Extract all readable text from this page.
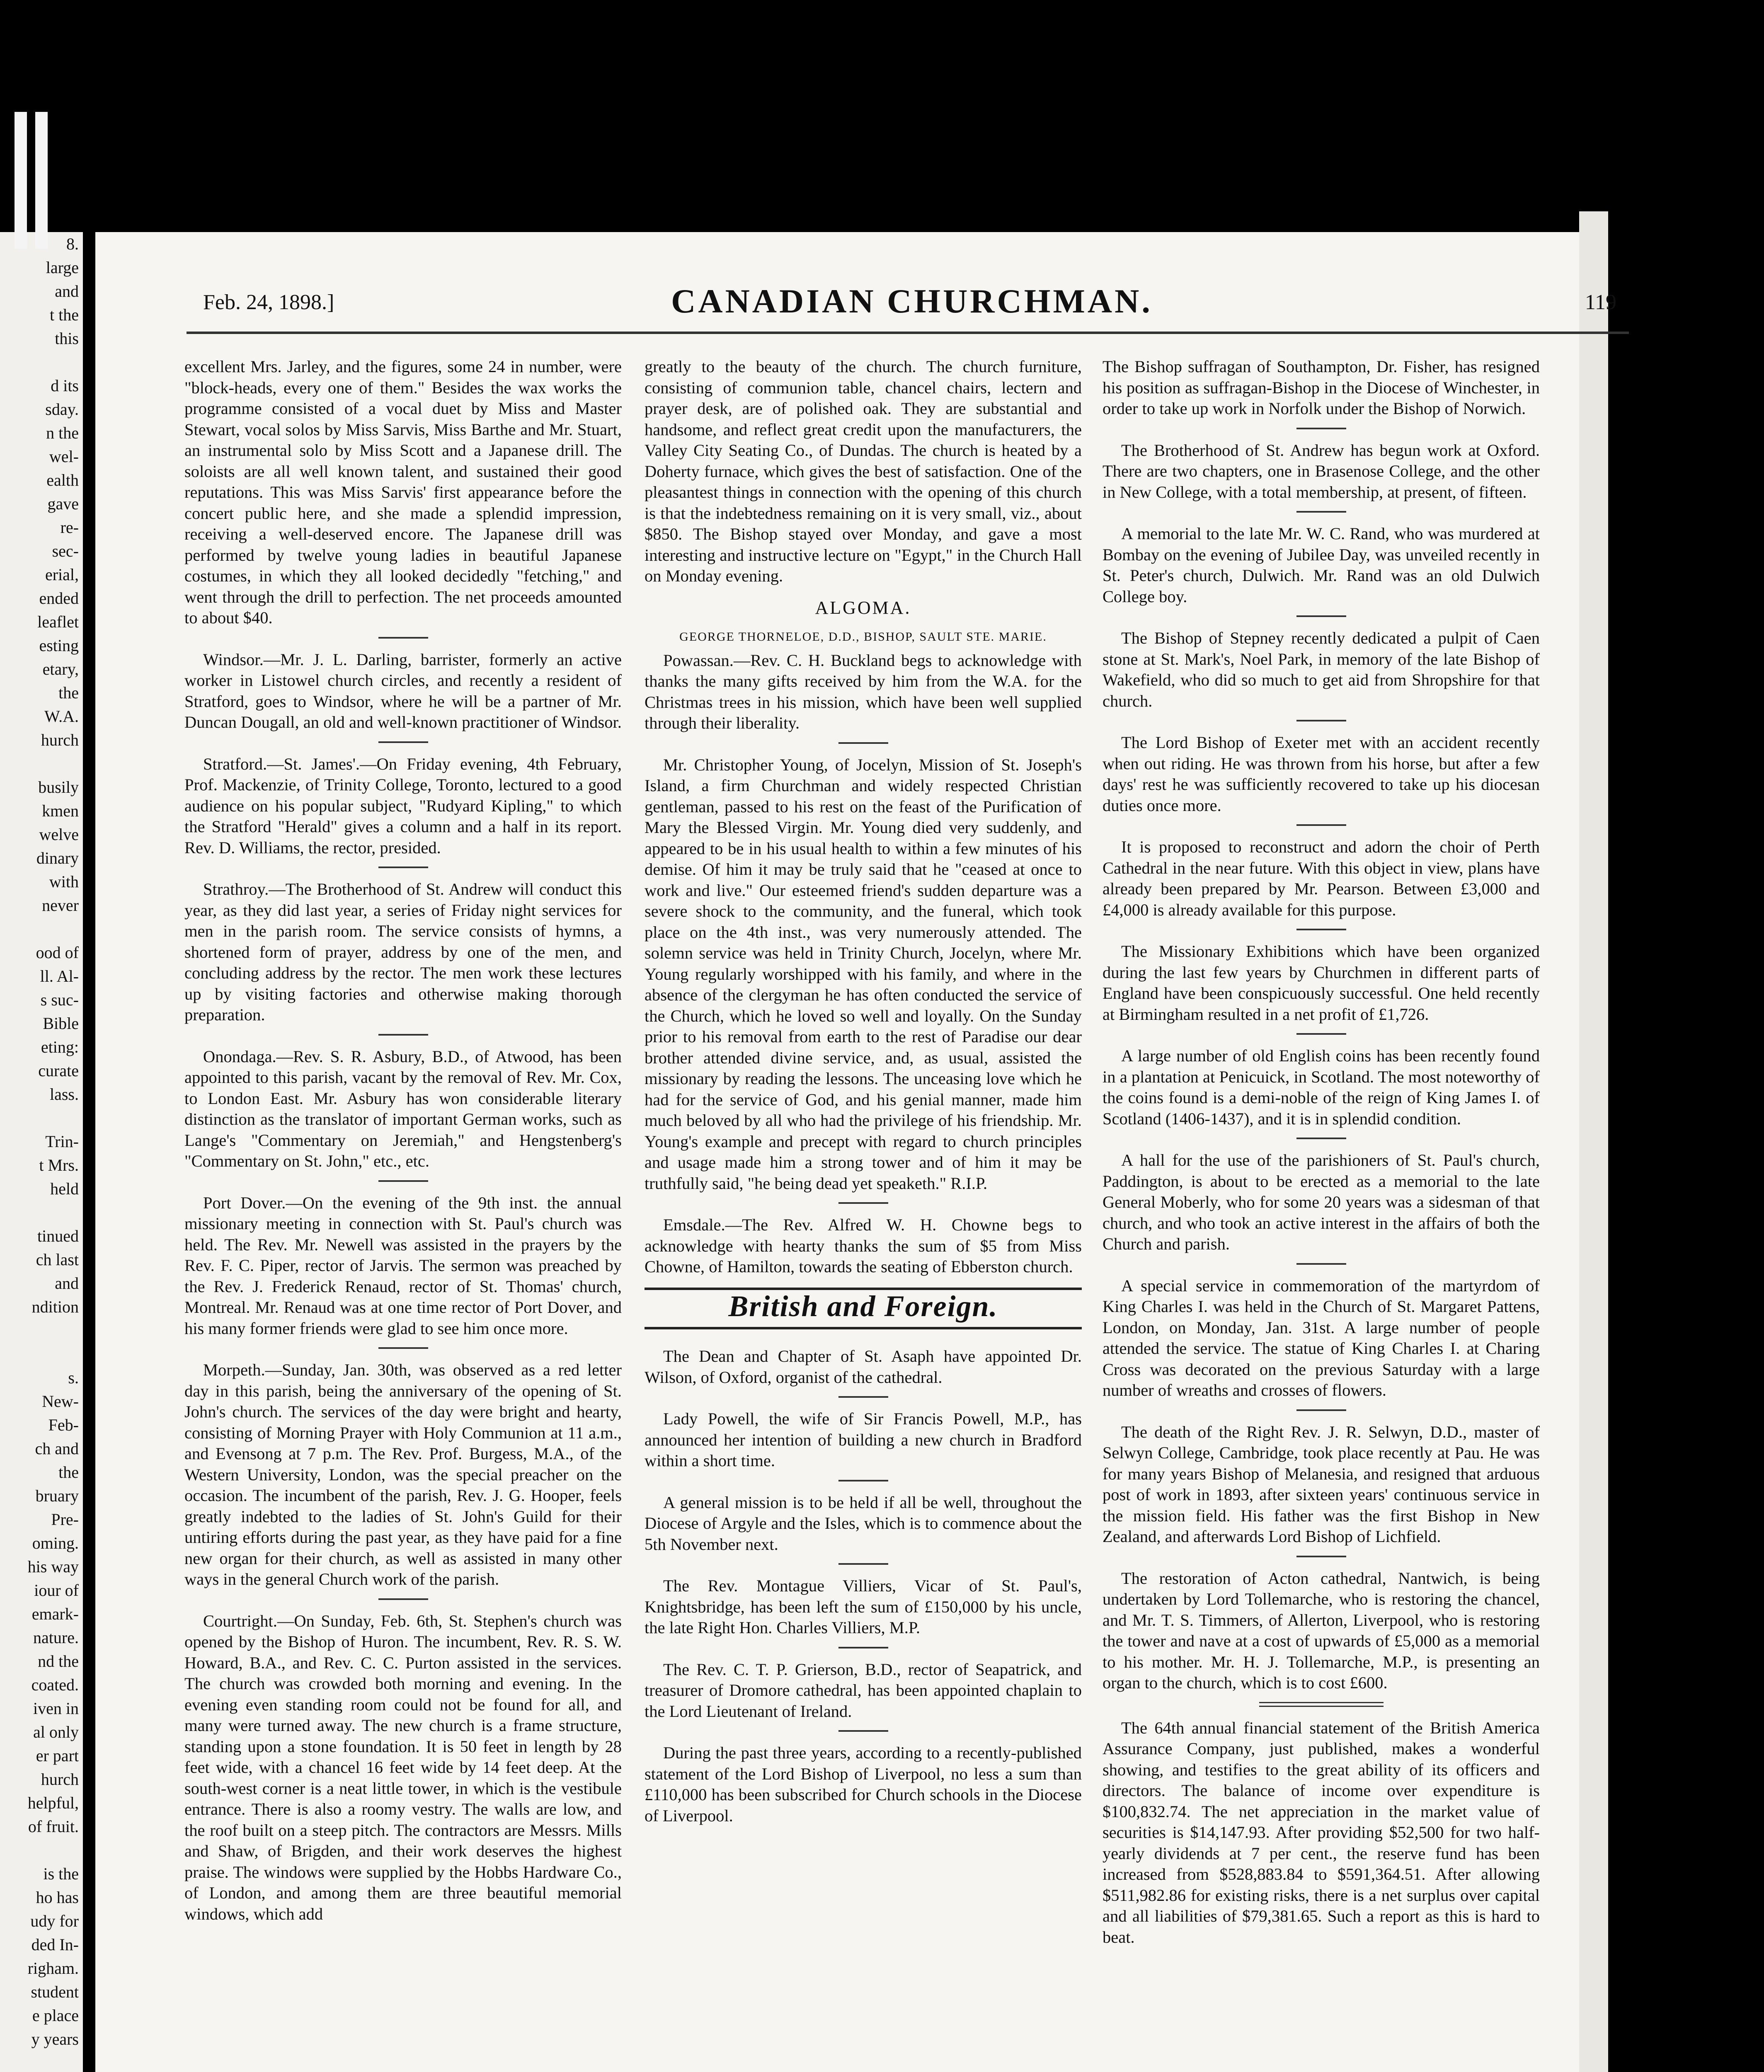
8.
large
and
t the
this

d its
sday.
n the
wel-
ealth
gave
re-
sec-
erial,
ended
leaflet
esting
etary,
the
W.A.
hurch

busily
kmen
welve
dinary
with
never

ood of
ll. Al-
s suc-
Bible
eting:
curate
lass.

Trin-
t Mrs.
held

tinued
ch last
and
ndition

s.
New-
Feb-
ch and
the
bruary
Pre-
oming.
his way
iour of
emark-
nature.
nd the
coated.
iven in
al only
er part
hurch
helpful,
of fruit.

is the
ho has
udy for
ded In-
righam.
student
e place
y years

Feb. 24, 1898.]	CANADIAN CHURCHMAN.	119

excellent Mrs. Jarley, and the figures, some 24 in number, were "block-heads, every one of them." Besides the wax works the programme consisted of a vocal duet by Miss and Master Stewart, vocal solos by Miss Sarvis, Miss Barthe and Mr. Stuart, an instrumental solo by Miss Scott and a Japanese drill. The soloists are all well known talent, and sustained their good reputations. This was Miss Sarvis' first appearance before the concert public here, and she made a splendid impression, receiving a well-deserved encore. The Japanese drill was performed by twelve young ladies in beautiful Japanese costumes, in which they all looked decidedly "fetching," and went through the drill to perfection. The net proceeds amounted to about $40.

Windsor.—Mr. J. L. Darling, barrister, formerly an active worker in Listowel church circles, and recently a resident of Stratford, goes to Windsor, where he will be a partner of Mr. Duncan Dougall, an old and well-known practitioner of Windsor.

Stratford.—St. James'.—On Friday evening, 4th February, Prof. Mackenzie, of Trinity College, Toronto, lectured to a good audience on his popular subject, "Rudyard Kipling," to which the Stratford "Herald" gives a column and a half in its report. Rev. D. Williams, the rector, presided.

Strathroy.—The Brotherhood of St. Andrew will conduct this year, as they did last year, a series of Friday night services for men in the parish room. The service consists of hymns, a shortened form of prayer, address by one of the men, and concluding address by the rector. The men work these lectures up by visiting factories and otherwise making thorough preparation.

Onondaga.—Rev. S. R. Asbury, B.D., of Atwood, has been appointed to this parish, vacant by the removal of Rev. Mr. Cox, to London East. Mr. Asbury has won considerable literary distinction as the translator of important German works, such as Lange's "Commentary on Jeremiah," and Hengstenberg's "Commentary on St. John," etc., etc.

Port Dover.—On the evening of the 9th inst. the annual missionary meeting in connection with St. Paul's church was held. The Rev. Mr. Newell was assisted in the prayers by the Rev. F. C. Piper, rector of Jarvis. The sermon was preached by the Rev. J. Frederick Renaud, rector of St. Thomas' church, Montreal. Mr. Renaud was at one time rector of Port Dover, and his many former friends were glad to see him once more.

Morpeth.—Sunday, Jan. 30th, was observed as a red letter day in this parish, being the anniversary of the opening of St. John's church. The services of the day were bright and hearty, consisting of Morning Prayer with Holy Communion at 11 a.m., and Evensong at 7 p.m. The Rev. Prof. Burgess, M.A., of the Western University, London, was the special preacher on the occasion. The incumbent of the parish, Rev. J. G. Hooper, feels greatly indebted to the ladies of St. John's Guild for their untiring efforts during the past year, as they have paid for a fine new organ for their church, as well as assisted in many other ways in the general Church work of the parish.

Courtright.—On Sunday, Feb. 6th, St. Stephen's church was opened by the Bishop of Huron. The incumbent, Rev. R. S. W. Howard, B.A., and Rev. C. C. Purton assisted in the services. The church was crowded both morning and evening. In the evening even standing room could not be found for all, and many were turned away. The new church is a frame structure, standing upon a stone foundation. It is 50 feet in length by 28 feet wide, with a chancel 16 feet wide by 14 feet deep. At the south-west corner is a neat little tower, in which is the vestibule entrance. There is also a roomy vestry. The walls are low, and the roof built on a steep pitch. The contractors are Messrs. Mills and Shaw, of Brigden, and their work deserves the highest praise. The windows were supplied by the Hobbs Hardware Co., of London, and among them are three beautiful memorial windows, which add

greatly to the beauty of the church. The church furniture, consisting of communion table, chancel chairs, lectern and prayer desk, are of polished oak. They are substantial and handsome, and reflect great credit upon the manufacturers, the Valley City Seating Co., of Dundas. The church is heated by a Doherty furnace, which gives the best of satisfaction. One of the pleasantest things in connection with the opening of this church is that the indebtedness remaining on it is very small, viz., about $850. The Bishop stayed over Monday, and gave a most interesting and instructive lecture on "Egypt," in the Church Hall on Monday evening.

ALGOMA.
GEORGE THORNELOE, D.D., BISHOP, SAULT STE. MARIE.

Powassan.—Rev. C. H. Buckland begs to acknowledge with thanks the many gifts received by him from the W.A. for the Christmas trees in his mission, which have been well supplied through their liberality.

Mr. Christopher Young, of Jocelyn, Mission of St. Joseph's Island, a firm Churchman and widely respected Christian gentleman, passed to his rest on the feast of the Purification of Mary the Blessed Virgin. Mr. Young died very suddenly, and appeared to be in his usual health to within a few minutes of his demise. Of him it may be truly said that he "ceased at once to work and live." Our esteemed friend's sudden departure was a severe shock to the community, and the funeral, which took place on the 4th inst., was very numerously attended. The solemn service was held in Trinity Church, Jocelyn, where Mr. Young regularly worshipped with his family, and where in the absence of the clergyman he has often conducted the service of the Church, which he loved so well and loyally. On the Sunday prior to his removal from earth to the rest of Paradise our dear brother attended divine service, and, as usual, assisted the missionary by reading the lessons. The unceasing love which he had for the service of God, and his genial manner, made him much beloved by all who had the privilege of his friendship. Mr. Young's example and precept with regard to church principles and usage made him a strong tower and of him it may be truthfully said, "he being dead yet speaketh." R.I.P.

Emsdale.—The Rev. Alfred W. H. Chowne begs to acknowledge with hearty thanks the sum of $5 from Miss Chowne, of Hamilton, towards the seating of Ebberston church.

British and Foreign.

The Dean and Chapter of St. Asaph have appointed Dr. Wilson, of Oxford, organist of the cathedral.

Lady Powell, the wife of Sir Francis Powell, M.P., has announced her intention of building a new church in Bradford within a short time.

A general mission is to be held if all be well, throughout the Diocese of Argyle and the Isles, which is to commence about the 5th November next.

The Rev. Montague Villiers, Vicar of St. Paul's, Knightsbridge, has been left the sum of £150,000 by his uncle, the late Right Hon. Charles Villiers, M.P.

The Rev. C. T. P. Grierson, B.D., rector of Seapatrick, and treasurer of Dromore cathedral, has been appointed chaplain to the Lord Lieutenant of Ireland.

During the past three years, according to a recently-published statement of the Lord Bishop of Liverpool, no less a sum than £110,000 has been subscribed for Church schools in the Diocese of Liverpool.

The Bishop suffragan of Southampton, Dr. Fisher, has resigned his position as suffragan-Bishop in the Diocese of Winchester, in order to take up work in Norfolk under the Bishop of Norwich.

The Brotherhood of St. Andrew has begun work at Oxford. There are two chapters, one in Brasenose College, and the other in New College, with a total membership, at present, of fifteen.

A memorial to the late Mr. W. C. Rand, who was murdered at Bombay on the evening of Jubilee Day, was unveiled recently in St. Peter's church, Dulwich. Mr. Rand was an old Dulwich College boy.

The Bishop of Stepney recently dedicated a pulpit of Caen stone at St. Mark's, Noel Park, in memory of the late Bishop of Wakefield, who did so much to get aid from Shropshire for that church.

The Lord Bishop of Exeter met with an accident recently when out riding. He was thrown from his horse, but after a few days' rest he was sufficiently recovered to take up his diocesan duties once more.

It is proposed to reconstruct and adorn the choir of Perth Cathedral in the near future. With this object in view, plans have already been prepared by Mr. Pearson. Between £3,000 and £4,000 is already available for this purpose.

The Missionary Exhibitions which have been organized during the last few years by Churchmen in different parts of England have been conspicuously successful. One held recently at Birmingham resulted in a net profit of £1,726.

A large number of old English coins has been recently found in a plantation at Penicuick, in Scotland. The most noteworthy of the coins found is a demi-noble of the reign of King James I. of Scotland (1406-1437), and it is in splendid condition.

A hall for the use of the parishioners of St. Paul's church, Paddington, is about to be erected as a memorial to the late General Moberly, who for some 20 years was a sidesman of that church, and who took an active interest in the affairs of both the Church and parish.

A special service in commemoration of the martyrdom of King Charles I. was held in the Church of St. Margaret Pattens, London, on Monday, Jan. 31st. A large number of people attended the service. The statue of King Charles I. at Charing Cross was decorated on the previous Saturday with a large number of wreaths and crosses of flowers.

The death of the Right Rev. J. R. Selwyn, D.D., master of Selwyn College, Cambridge, took place recently at Pau. He was for many years Bishop of Melanesia, and resigned that arduous post of work in 1893, after sixteen years' continuous service in the mission field. His father was the first Bishop in New Zealand, and afterwards Lord Bishop of Lichfield.

The restoration of Acton cathedral, Nantwich, is being undertaken by Lord Tollemarche, who is restoring the chancel, and Mr. T. S. Timmers, of Allerton, Liverpool, who is restoring the tower and nave at a cost of upwards of £5,000 as a memorial to his mother. Mr. H. J. Tollemarche, M.P., is presenting an organ to the church, which is to cost £600.

The 64th annual financial statement of the British America Assurance Company, just published, makes a wonderful showing, and testifies to the great ability of its officers and directors. The balance of income over expenditure is $100,832.74. The net appreciation in the market value of securities is $14,147.93. After providing $52,500 for two half-yearly dividends at 7 per cent., the reserve fund has been increased from $528,883.84 to $591,364.51. After allowing $511,982.86 for existing risks, there is a net surplus over capital and all liabilities of $79,381.65. Such a report as this is hard to beat.
